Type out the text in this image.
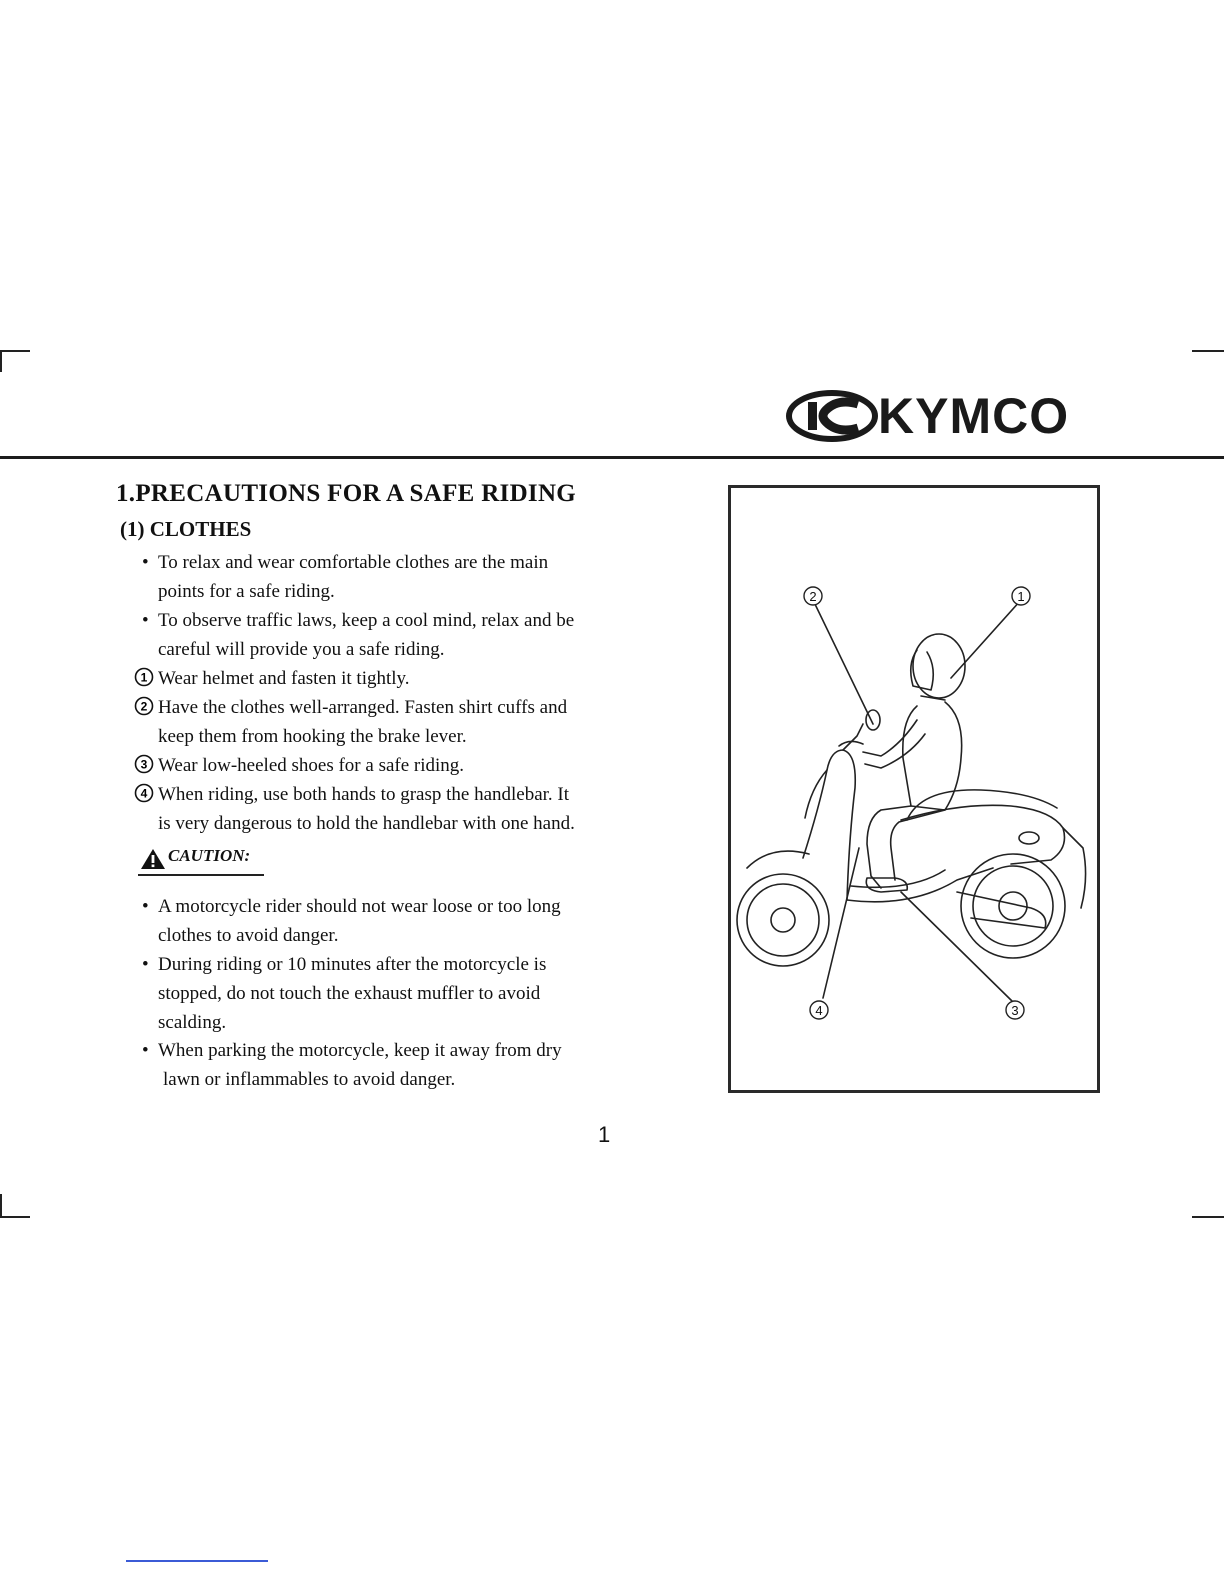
KYMCO
1.PRECAUTIONS FOR A SAFE RIDING
(1) CLOTHES
• To relax and wear comfortable clothes are the main
points for a safe riding.
• To observe traffic laws, keep a cool mind, relax and be
careful will provide you a safe riding.
1 Wear helmet and fasten it tightly.
2 Have the clothes well-arranged. Fasten shirt cuffs and
keep them from hooking the brake lever.
3 Wear low-heeled shoes for a safe riding.
4 When riding, use both hands to grasp the handlebar. It
is very dangerous to hold the handlebar with one hand.
• A motorcycle rider should not wear loose or too long
clothes to avoid danger.
• During riding or 10 minutes after the motorcycle is
stopped, do not touch the exhaust muffler to avoid
scalding.
• When parking the motorcycle, keep it away from dry
lawn or inflammables to avoid danger.
CAUTION:
1
2
3
4
1
